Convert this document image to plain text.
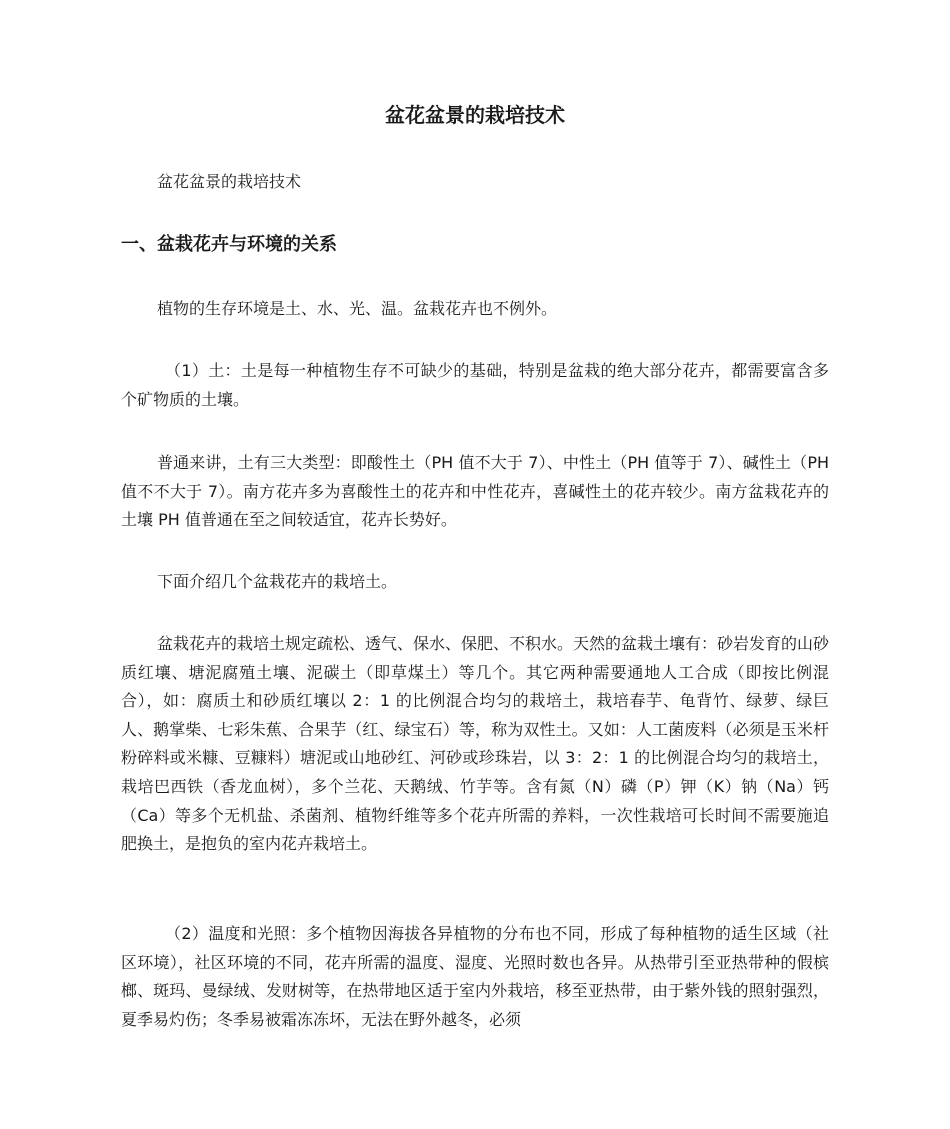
盆花盆景的栽培技术

盆花盆景的栽培技术

一、盆栽花卉与环境的关系

植物的生存环境是土、水、光、温。盆栽花卉也不例外。

（1）土：土是每一种植物生存不可缺少的基础，特别是盆栽的绝大部分花卉，都需要富含多个矿物质的土壤。

普通来讲，土有三大类型：即酸性土（PH 值不大于 7）、中性土（PH 值等于 7）、碱性土（PH 值不不大于 7）。南方花卉多为喜酸性土的花卉和中性花卉，喜碱性土的花卉较少。南方盆栽花卉的土壤 PH 值普通在至之间较适宜，花卉长势好。

下面介绍几个盆栽花卉的栽培土。

盆栽花卉的栽培土规定疏松、透气、保水、保肥、不积水。天然的盆栽土壤有：砂岩发育的山砂质红壤、塘泥腐殖土壤、泥碳土（即草煤土）等几个。其它两种需要通地人工合成（即按比例混合），如：腐质土和砂质红壤以 2：1 的比例混合均匀的栽培土，栽培春芋、龟背竹、绿萝、绿巨人、鹅掌柴、七彩朱蕉、合果芋（红、绿宝石）等，称为双性土。又如：人工菌废料（必须是玉米杆粉碎料或米糠、豆糠料）塘泥或山地砂红、河砂或珍珠岩，以 3：2：1 的比例混合均匀的栽培土，栽培巴西铁（香龙血树），多个兰花、天鹅绒、竹芋等。含有氮（N）磷（P）钾（K）钠（Na）钙（Ca）等多个无机盐、杀菌剂、植物纤维等多个花卉所需的养料，一次性栽培可长时间不需要施追肥换土，是抱负的室内花卉栽培土。

（2）温度和光照：多个植物因海拔各异植物的分布也不同，形成了每种植物的适生区域（社区环境），社区环境的不同，花卉所需的温度、湿度、光照时数也各异。从热带引至亚热带种的假槟榔、斑玛、曼绿绒、发财树等，在热带地区适于室内外栽培，移至亚热带，由于紫外钱的照射强烈，夏季易灼伤；冬季易被霜冻冻坏，无法在野外越冬，必须
